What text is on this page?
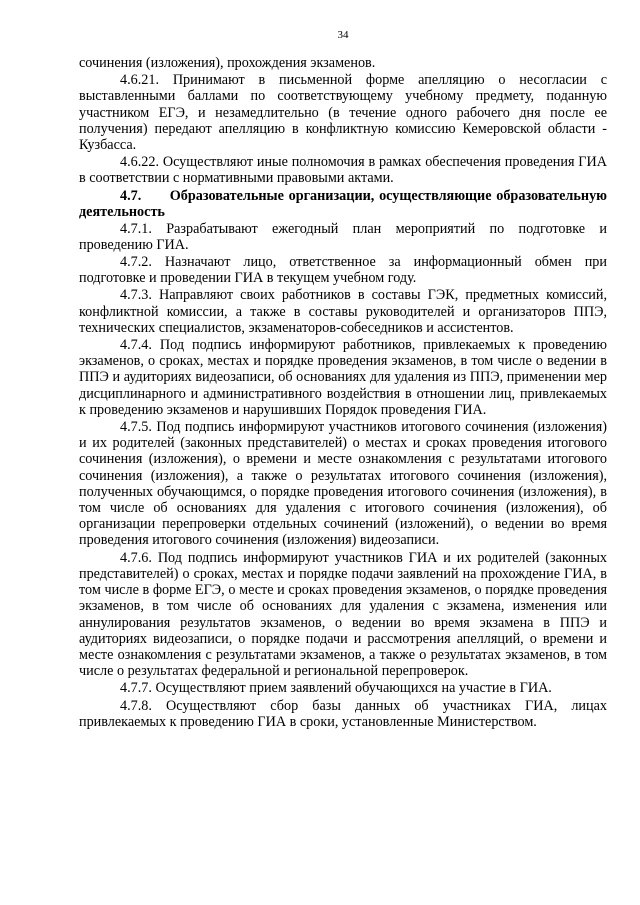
34

сочинения (изложения), прохождения экзаменов.

4.6.21. Принимают в письменной форме апелляцию о несогласии с выставленными баллами по соответствующему учебному предмету, поданную участником ЕГЭ, и незамедлительно (в течение одного рабочего дня после ее получения) передают апелляцию в конфликтную комиссию Кемеровской области - Кузбасса.

4.6.22. Осуществляют иные полномочия в рамках обеспечения проведения ГИА в соответствии с нормативными правовыми актами.

4.7. Образовательные организации, осуществляющие образовательную деятельность

4.7.1. Разрабатывают ежегодный план мероприятий по подготовке и проведению ГИА.

4.7.2. Назначают лицо, ответственное за информационный обмен при подготовке и проведении ГИА в текущем учебном году.

4.7.3. Направляют своих работников в составы ГЭК, предметных комиссий, конфликтной комиссии, а также в составы руководителей и организаторов ППЭ, технических специалистов, экзаменаторов-собеседников и ассистентов.

4.7.4. Под подпись информируют работников, привлекаемых к проведению экзаменов, о сроках, местах и порядке проведения экзаменов, в том числе о ведении в ППЭ и аудиториях видеозаписи, об основаниях для удаления из ППЭ, применении мер дисциплинарного и административного воздействия в отношении лиц, привлекаемых к проведению экзаменов и нарушивших Порядок проведения ГИА.

4.7.5. Под подпись информируют участников итогового сочинения (изложения) и их родителей (законных представителей) о местах и сроках проведения итогового сочинения (изложения), о времени и месте ознакомления с результатами итогового сочинения (изложения), а также о результатах итогового сочинения (изложения), полученных обучающимся, о порядке проведения итогового сочинения (изложения), в том числе об основаниях для удаления с итогового сочинения (изложения), об организации перепроверки отдельных сочинений (изложений), о ведении во время проведения итогового сочинения (изложения) видеозаписи.

4.7.6. Под подпись информируют участников ГИА и их родителей (законных представителей) о сроках, местах и порядке подачи заявлений на прохождение ГИА, в том числе в форме ЕГЭ, о месте и сроках проведения экзаменов, о порядке проведения экзаменов, в том числе об основаниях для удаления с экзамена, изменения или аннулирования результатов экзаменов, о ведении во время экзамена в ППЭ и аудиториях видеозаписи, о порядке подачи и рассмотрения апелляций, о времени и месте ознакомления с результатами экзаменов, а также о результатах экзаменов, в том числе о результатах федеральной и региональной перепроверок.

4.7.7. Осуществляют прием заявлений обучающихся на участие в ГИА.

4.7.8. Осуществляют сбор базы данных об участниках ГИА, лицах привлекаемых к проведению ГИА в сроки, установленные Министерством.
